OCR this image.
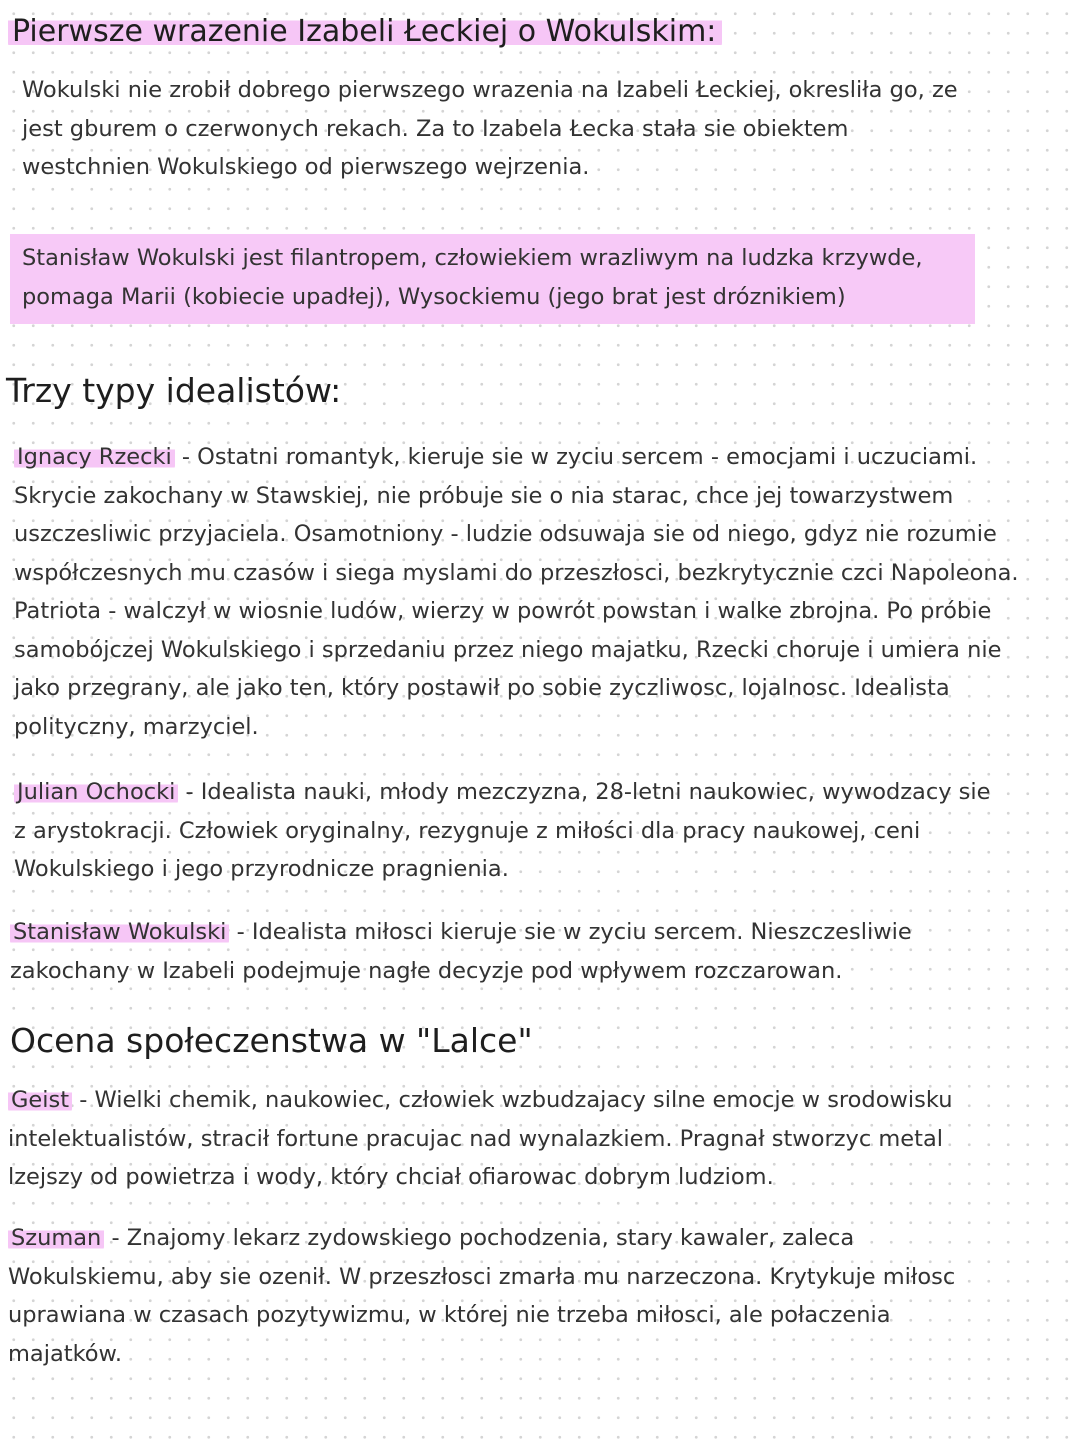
Pierwsze wrazenie Izabeli Łeckiej o Wokulskim:

Wokulski nie zrobił dobrego pierwszego wrazenia na Izabeli Łeckiej, okresliła go, ze jest gburem o czerwonych rekach. Za to Izabela Łecka stała sie obiektem westchnien Wokulskiego od pierwszego wejrzenia.

Stanisław Wokulski jest filantropem, człowiekiem wrazliwym na ludzka krzywde, pomaga Marii (kobiecie upadłej), Wysockiemu (jego brat jest dróznikiem)

Trzy typy idealistów:

Ignacy Rzecki - Ostatni romantyk, kieruje sie w zyciu sercem - emocjami i uczuciami. Skrycie zakochany w Stawskiej, nie próbuje sie o nia starac, chce jej towarzystwem uszczesliwic przyjaciela. Osamotniony - ludzie odsuwaja sie od niego, gdyz nie rozumie współczesnych mu czasów i siega myslami do przeszłosci, bezkrytycznie czci Napoleona. Patriota - walczył w wiosnie ludów, wierzy w powrót powstan i walke zbrojna. Po próbie samobójczej Wokulskiego i sprzedaniu przez niego majatku, Rzecki choruje i umiera nie jako przegrany, ale jako ten, który postawił po sobie zyczliwosc, lojalnosc. Idealista polityczny, marzyciel.

Julian Ochocki - Idealista nauki, młody mezczyzna, 28-letni naukowiec, wywodzacy sie z arystokracji. Człowiek oryginalny, rezygnuje z miłości dla pracy naukowej, ceni Wokulskiego i jego przyrodnicze pragnienia.

Stanisław Wokulski - Idealista miłosci kieruje sie w zyciu sercem. Nieszczesliwie zakochany w Izabeli podejmuje nagłe decyzje pod wpływem rozczarowan.

Ocena społeczenstwa w "Lalce"

Geist - Wielki chemik, naukowiec, człowiek wzbudzajacy silne emocje w srodowisku intelektualistów, stracił fortune pracujac nad wynalazkiem. Pragnał stworzyc metal lzejszy od powietrza i wody, który chciał ofiarowac dobrym ludziom.

Szuman - Znajomy lekarz zydowskiego pochodzenia, stary kawaler, zaleca Wokulskiemu, aby sie ozenił. W przeszłosci zmarła mu narzeczona. Krytykuje miłosc uprawiana w czasach pozytywizmu, w której nie trzeba miłosci, ale połaczenia majatków.
